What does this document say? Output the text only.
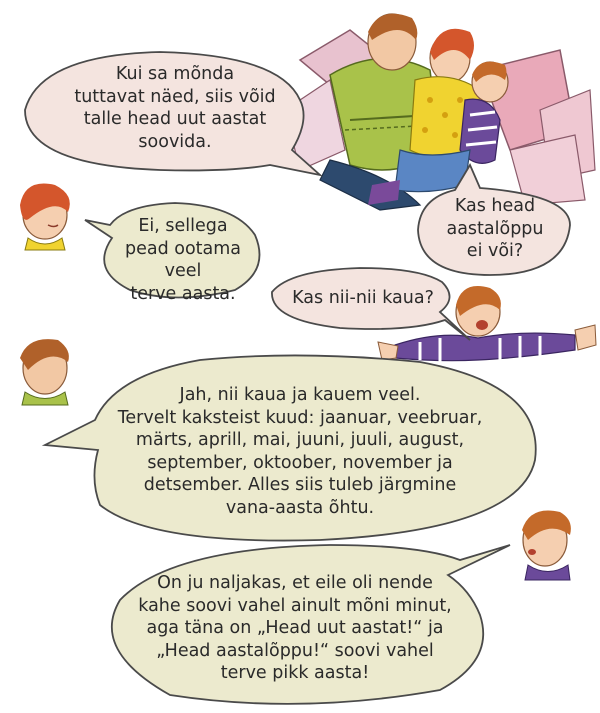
Kui sa mõnda
tuttavat näed, siis võid
talle head uut aastat
soovida.
Kas head
aastalõppu
ei või?
Ei, sellega
pead ootama veel
terve aasta.	Kas nii-nii kaua?
Jah, nii kaua ja kauem veel.
Tervelt kaksteist kuud: jaanuar, veebruar,
märts, aprill, mai, juuni, juuli, august,
september, oktoober, november ja
detsember. Alles siis tuleb järgmine
vana-aasta õhtu.
On ju naljakas, et eile oli nende
kahe soovi vahel ainult mõni minut,
aga täna on „Head uut aastat!“ ja
„Head aastalõppu!“ soovi vahel
terve pikk aasta!
